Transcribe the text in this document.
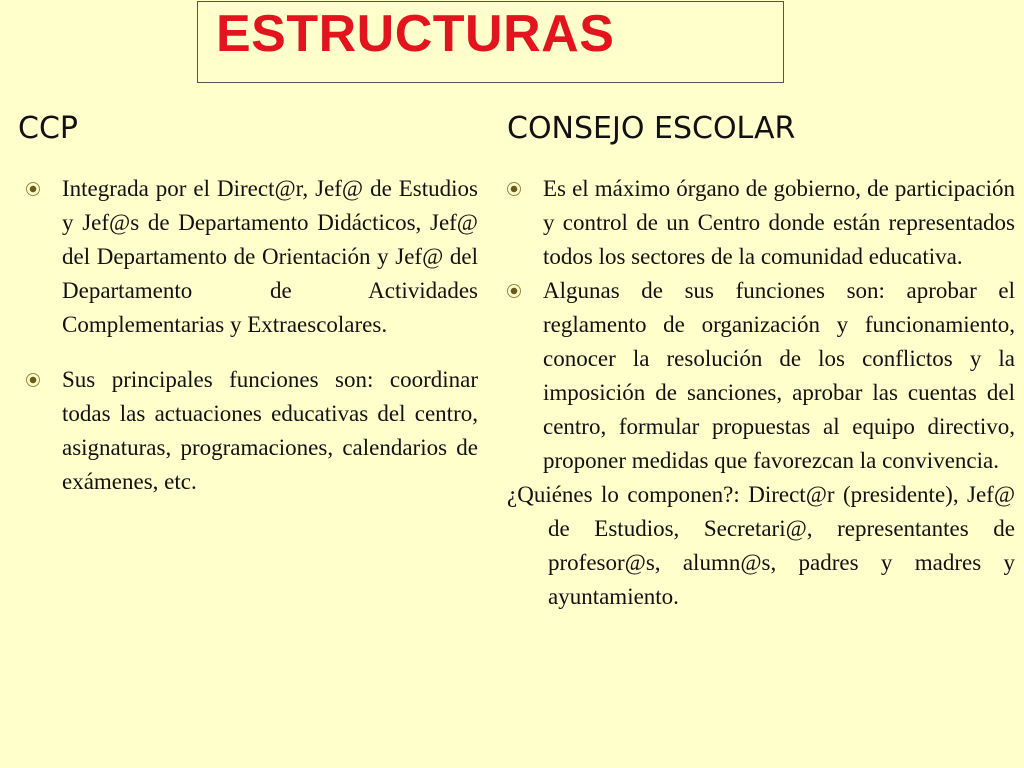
ESTRUCTURAS
CCP	CONSEJO ESCOLAR
Integrada por el Direct@r, Jef@ de Estudios y Jef@s de Departamento Didácticos, Jef@ del Departamento de Orientación y Jef@ del Departamento de Actividades Complementarias y Extraescolares.
Sus principales funciones son: coordinar todas las actuaciones educativas del centro, asignaturas, programaciones, calendarios de exámenes, etc.
Es el máximo órgano de gobierno, de participación y control de un Centro donde están representados todos los sectores de la comunidad educativa.
Algunas de sus funciones son: aprobar el reglamento de organización y funcionamiento, conocer la resolución de los conflictos y la imposición de sanciones, aprobar las cuentas del centro, formular propuestas al equipo directivo, proponer medidas que favorezcan la convivencia.

¿Quiénes lo componen?: Direct@r (presidente), Jef@ de Estudios, Secretari@, representantes de profesor@s, alumn@s, padres y madres y ayuntamiento.
